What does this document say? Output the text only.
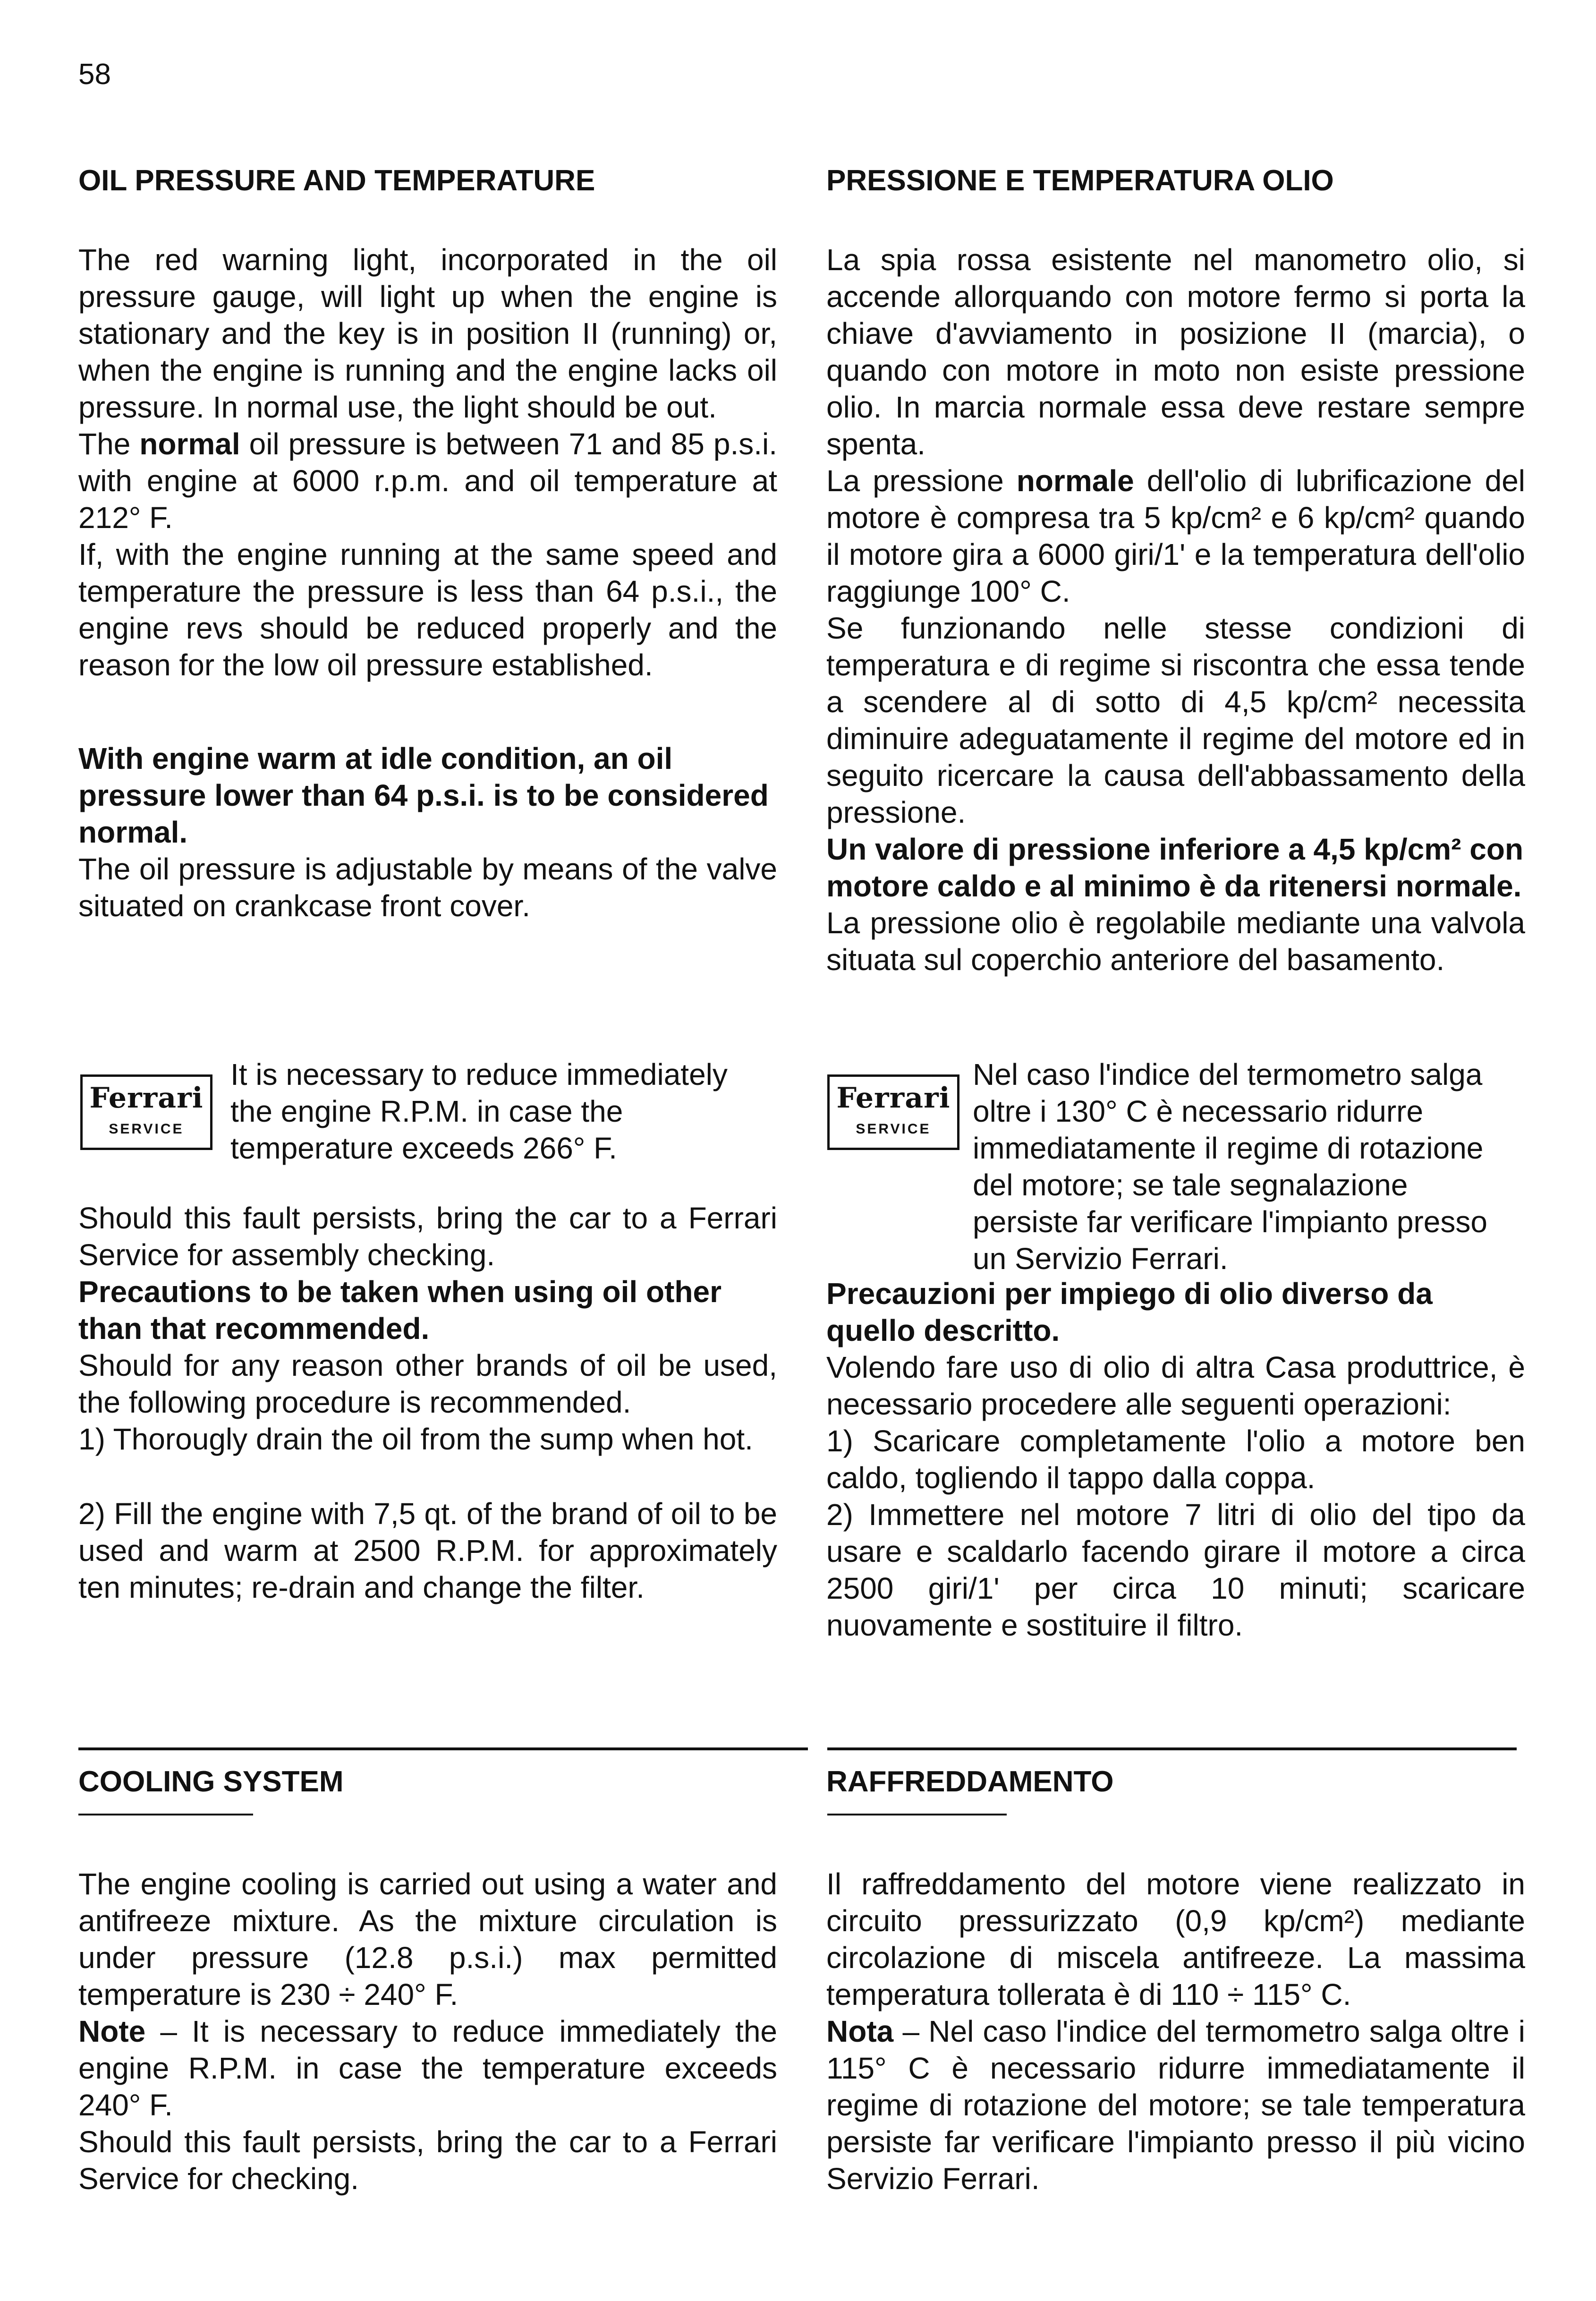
58
OIL PRESSURE AND TEMPERATURE

The red warning light, incorporated in the oil pressure gauge, will light up when the engine is stationary and the key is in position II (running) or, when the engine is running and the engine lacks oil pressure. In normal use, the light should be out.

The normal oil pressure is between 71 and 85 p.s.i. with engine at 6000 r.p.m. and oil temperature at 212° F.

If, with the engine running at the same speed and temperature the pressure is less than 64 p.s.i., the engine revs should be reduced properly and the reason for the low oil pressure established.

With engine warm at idle condition, an oil pressure lower than 64 p.s.i. is to be considered normal.

The oil pressure is adjustable by means of the valve situated on crankcase front cover.

PRESSIONE E TEMPERATURA OLIO

La spia rossa esistente nel manometro olio, si accende allorquando con motore fermo si porta la chiave d'avviamento in posizione II (marcia), o quando con motore in moto non esiste pressione olio. In marcia normale essa deve restare sempre spenta.

La pressione normale dell'olio di lubrificazione del motore è compresa tra 5 kp/cm² e 6 kp/cm² quando il motore gira a 6000 giri/1' e la temperatura dell'olio raggiunge 100° C.

Se funzionando nelle stesse condizioni di temperatura e di regime si riscontra che essa tende a scendere al di sotto di 4,5 kp/cm² necessita diminuire adeguatamente il regime del motore ed in seguito ricercare la causa dell'abbassamento della pressione.

Un valore di pressione inferiore a 4,5 kp/cm² con motore caldo e al minimo è da ritenersi normale.

La pressione olio è regolabile mediante una valvola situata sul coperchio anteriore del basamento.

Ferrari
SERVICE
It is necessary to reduce immediately the engine R.P.M. in case the temperature exceeds 266° F.

Should this fault persists, bring the car to a Ferrari Service for assembly checking.

Precautions to be taken when using oil other than that recommended.

Should for any reason other brands of oil be used, the following procedure is recommended.

1) Thorougly drain the oil from the sump when hot.

2) Fill the engine with 7,5 qt. of the brand of oil to be used and warm at 2500 R.P.M. for approximately ten minutes; re-drain and change the filter.

Ferrari
SERVICE
Nel caso l'indice del termometro salga oltre i 130° C è necessario ridurre immediatamente il regime di rotazione del motore; se tale segnalazione persiste far verificare l'impianto presso un Servizio Ferrari.

Precauzioni per impiego di olio diverso da quello descritto.

Volendo fare uso di olio di altra Casa produttrice, è necessario procedere alle seguenti operazioni:

1) Scaricare completamente l'olio a motore ben caldo, togliendo il tappo dalla coppa.

2) Immettere nel motore 7 litri di olio del tipo da usare e scaldarlo facendo girare il motore a circa 2500 giri/1' per circa 10 minuti; scaricare nuovamente e sostituire il filtro.

COOLING SYSTEM	RAFFREDDAMENTO

The engine cooling is carried out using a water and antifreeze mixture. As the mixture circulation is under pressure (12.8 p.s.i.) max permitted temperature is 230 ÷ 240° F.

Note – It is necessary to reduce immediately the engine R.P.M. in case the temperature exceeds 240° F.

Should this fault persists, bring the car to a Ferrari Service for checking.

Il raffreddamento del motore viene realizzato in circuito pressurizzato (0,9 kp/cm²) mediante circolazione di miscela antifreeze. La massima temperatura tollerata è di 110 ÷ 115° C.

Nota – Nel caso l'indice del termometro salga oltre i 115° C è necessario ridurre immediatamente il regime di rotazione del motore; se tale temperatura persiste far verificare l'impianto presso il più vicino Servizio Ferrari.
